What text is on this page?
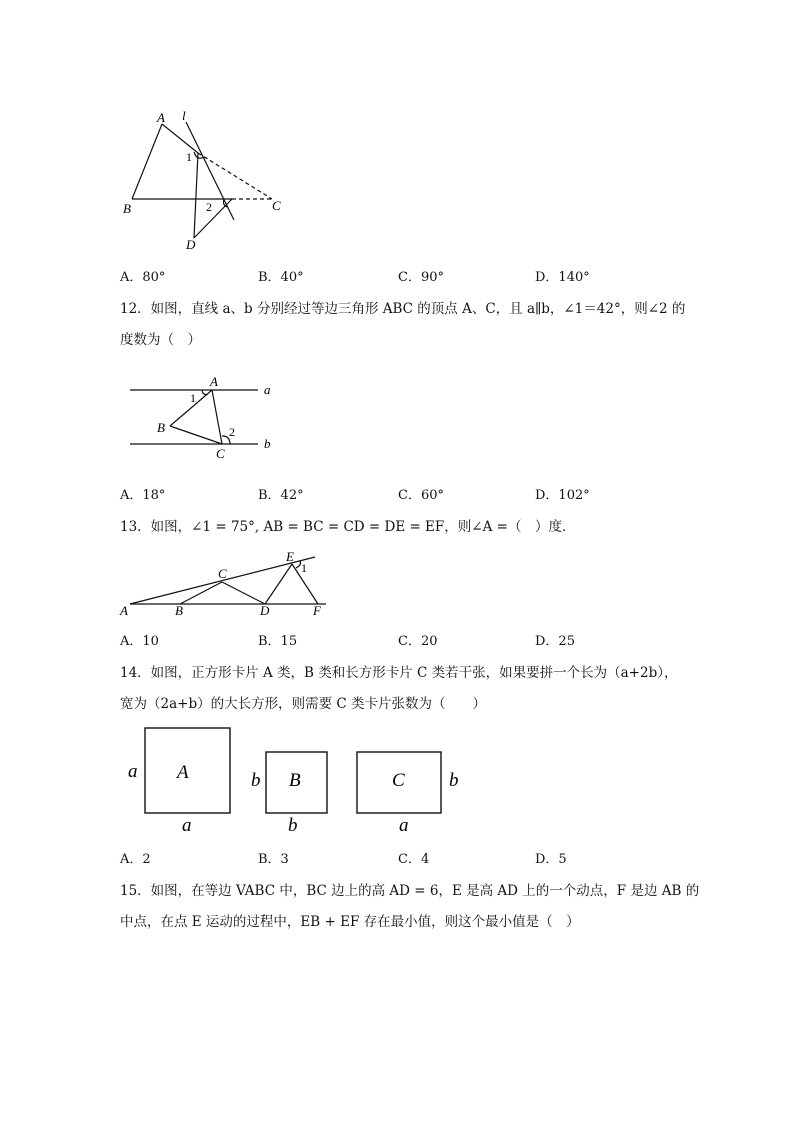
A l
1
B	2	C
D
A．80°	B．40°	C．90°	D．140°
12．如图，直线 a、b 分别经过等边三角形 ABC 的顶点 A、C，且 a∥b，∠1＝42°，则∠2 的
度数为（　）
A
a
1
B	2
b
C
A．18°	B．42°	C．60°	D．102°
13．如图，∠1 = 75°, AB = BC = CD = DE = EF，则∠A =（　）度．
E
1
C
A	B	D	F
A．10	B．15	C．20	D．25
14．如图，正方形卡片 A 类，B 类和长方形卡片 C 类若干张，如果要拼一个长为（a+2b），
宽为（2a+b）的大长方形，则需要 C 类卡片张数为（　　）
a A
a
b B
b
C b
a
A．2	B．3	C．4	D．5
15．如图，在等边 VABC 中，BC 边上的高 AD = 6，E 是高 AD 上的一个动点，F 是边 AB 的
中点，在点 E 运动的过程中，EB + EF 存在最小值，则这个最小值是（　）
